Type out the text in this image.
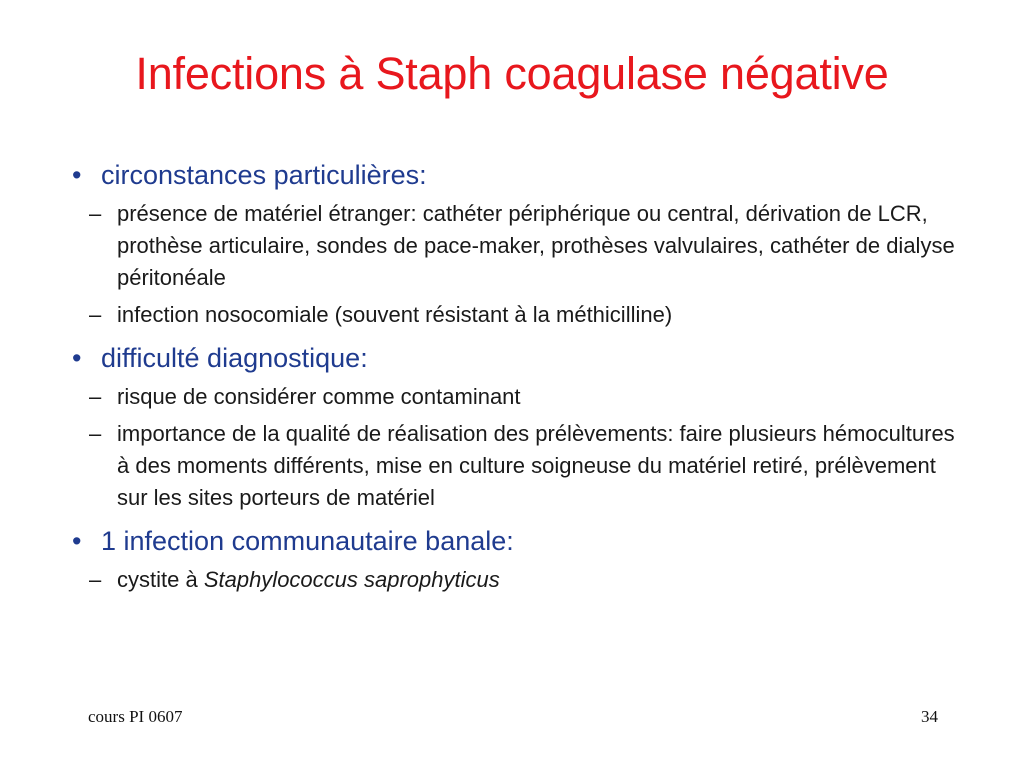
Infections à Staph coagulase négative
• circonstances particulières:
– présence de matériel étranger: cathéter périphérique ou central, dérivation de LCR, prothèse articulaire, sondes de pace-maker, prothèses valvulaires, cathéter de dialyse péritonéale
– infection nosocomiale (souvent résistant à la méthicilline)
• difficulté diagnostique:
– risque de considérer comme contaminant
– importance de la qualité de réalisation des prélèvements: faire plusieurs hémocultures à des moments différents, mise en culture soigneuse du matériel retiré, prélèvement sur les sites porteurs de matériel
• 1 infection communautaire banale:
– cystite à Staphylococcus saprophyticus
cours PI 0607	34
